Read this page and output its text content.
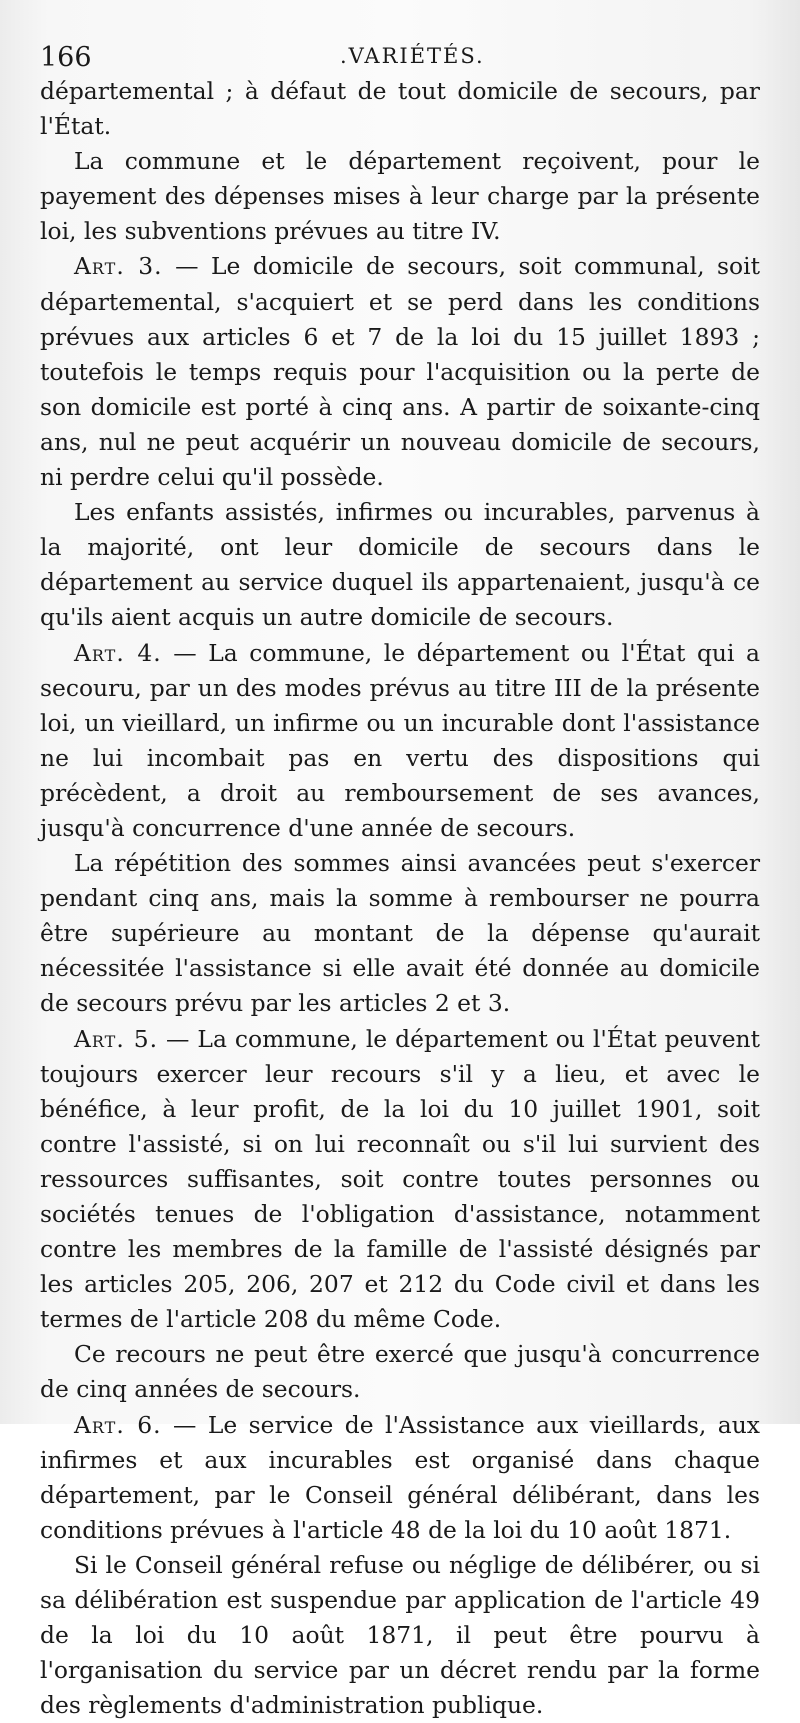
166	.VARIÉTÉS.

départemental ; à défaut de tout domicile de secours, par l'État.

La commune et le département reçoivent, pour le payement des dépenses mises à leur charge par la présente loi, les subventions prévues au titre IV.

Art. 3. — Le domicile de secours, soit communal, soit départemental, s'acquiert et se perd dans les conditions prévues aux articles 6 et 7 de la loi du 15 juillet 1893 ; toutefois le temps requis pour l'acquisition ou la perte de son domicile est porté à cinq ans. A partir de soixante-cinq ans, nul ne peut acquérir un nouveau domicile de secours, ni perdre celui qu'il possède.

Les enfants assistés, infirmes ou incurables, parvenus à la majorité, ont leur domicile de secours dans le département au service duquel ils appartenaient, jusqu'à ce qu'ils aient acquis un autre domicile de secours.

Art. 4. — La commune, le département ou l'État qui a secouru, par un des modes prévus au titre III de la présente loi, un vieillard, un infirme ou un incurable dont l'assistance ne lui incombait pas en vertu des dispositions qui précèdent, a droit au remboursement de ses avances, jusqu'à concurrence d'une année de secours.

La répétition des sommes ainsi avancées peut s'exercer pendant cinq ans, mais la somme à rembourser ne pourra être supérieure au montant de la dépense qu'aurait nécessitée l'assistance si elle avait été donnée au domicile de secours prévu par les articles 2 et 3.

Art. 5. — La commune, le département ou l'État peuvent toujours exercer leur recours s'il y a lieu, et avec le bénéfice, à leur profit, de la loi du 10 juillet 1901, soit contre l'assisté, si on lui reconnaît ou s'il lui survient des ressources suffisantes, soit contre toutes personnes ou sociétés tenues de l'obligation d'assistance, notamment contre les membres de la famille de l'assisté désignés par les articles 205, 206, 207 et 212 du Code civil et dans les termes de l'article 208 du même Code.

Ce recours ne peut être exercé que jusqu'à concurrence de cinq années de secours.

Art. 6. — Le service de l'Assistance aux vieillards, aux infirmes et aux incurables est organisé dans chaque département, par le Conseil général délibérant, dans les conditions prévues à l'article 48 de la loi du 10 août 1871.

Si le Conseil général refuse ou néglige de délibérer, ou si sa délibération est suspendue par application de l'article 49 de la loi du 10 août 1871, il peut être pourvu à l'organisation du service par un décret rendu par la forme des règlements d'administration publique.
